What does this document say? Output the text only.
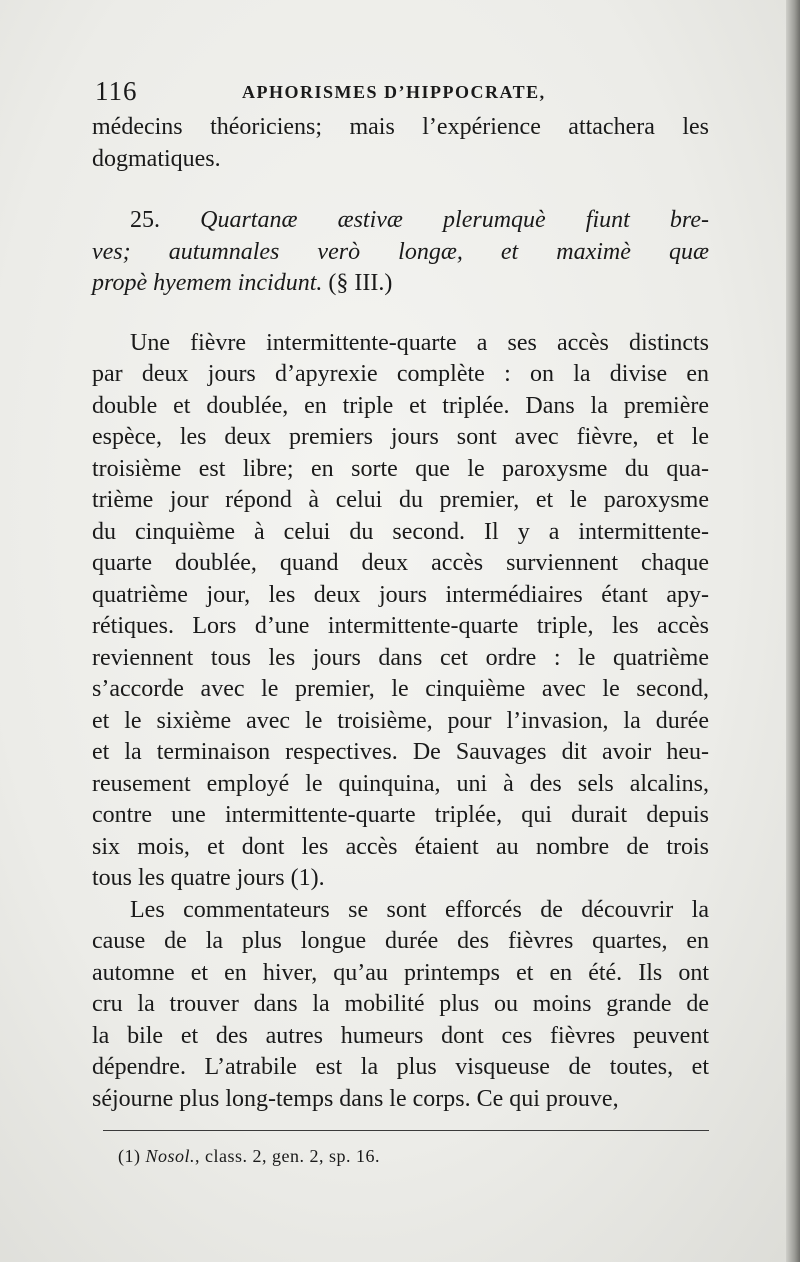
116	APHORISMES D’HIPPOCRATE,
médecins théoriciens; mais l’expérience attachera les
dogmatiques.
25. Quartanæ æstivæ plerumquè fiunt bre-
ves; autumnales verò longæ, et maximè quæ
propè hyemem incidunt. (§ III.)
Une fièvre intermittente-quarte a ses accès distincts
par deux jours d’apyrexie complète : on la divise en
double et doublée, en triple et triplée. Dans la première
espèce, les deux premiers jours sont avec fièvre, et le
troisième est libre; en sorte que le paroxysme du qua-
trième jour répond à celui du premier, et le paroxysme
du cinquième à celui du second. Il y a intermittente-
quarte doublée, quand deux accès surviennent chaque
quatrième jour, les deux jours intermédiaires étant apy-
rétiques. Lors d’une intermittente-quarte triple, les accès
reviennent tous les jours dans cet ordre : le quatrième
s’accorde avec le premier, le cinquième avec le second,
et le sixième avec le troisième, pour l’invasion, la durée
et la terminaison respectives. De Sauvages dit avoir heu-
reusement employé le quinquina, uni à des sels alcalins,
contre une intermittente-quarte triplée, qui durait depuis
six mois, et dont les accès étaient au nombre de trois
tous les quatre jours (1).
Les commentateurs se sont efforcés de découvrir la
cause de la plus longue durée des fièvres quartes, en
automne et en hiver, qu’au printemps et en été. Ils ont
cru la trouver dans la mobilité plus ou moins grande de
la bile et des autres humeurs dont ces fièvres peuvent
dépendre. L’atrabile est la plus visqueuse de toutes, et
séjourne plus long-temps dans le corps. Ce qui prouve,
(1) Nosol., class. 2, gen. 2, sp. 16.
